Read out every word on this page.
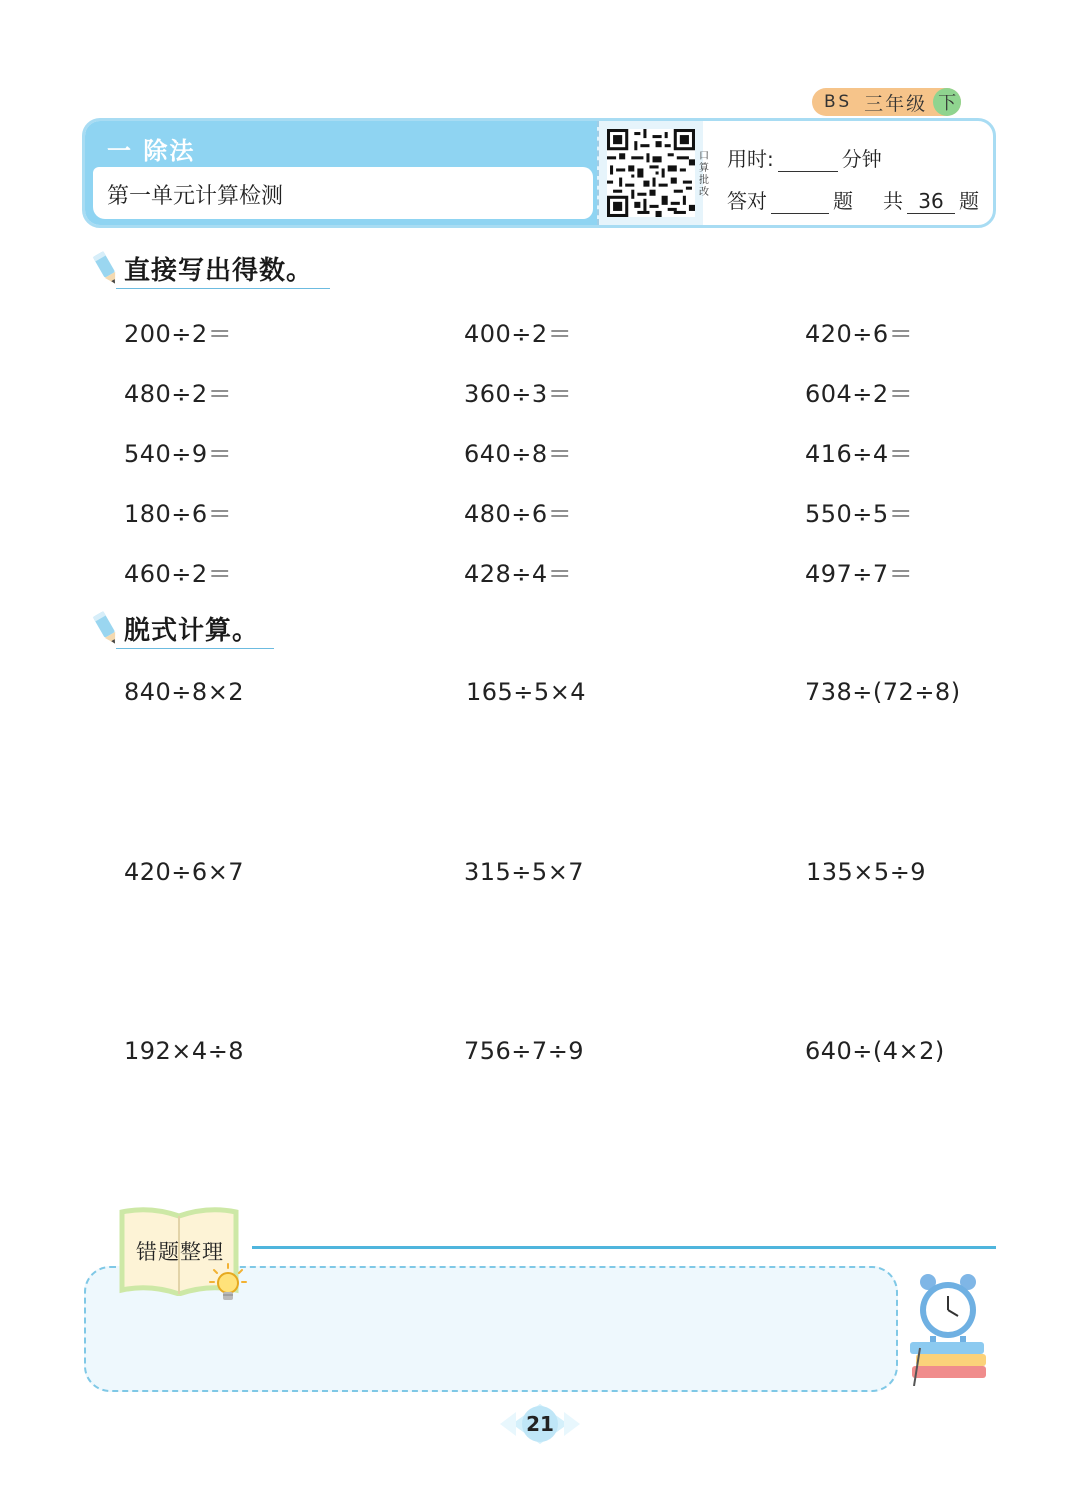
BS 三年级 下
一 除法
第一单元计算检测
口算批改
用时:	分钟
答对	题 共 36 题
直接写出得数。
200÷2＝	400÷2＝	420÷6＝
480÷2＝	360÷3＝	604÷2＝
540÷9＝	640÷8＝	416÷4＝
180÷6＝	480÷6＝	550÷5＝
460÷2＝	428÷4＝	497÷7＝
脱式计算。
840÷8×2	165÷5×4	738÷(72÷8)
420÷6×7	315÷5×7	135×5÷9
192×4÷8	756÷7÷9	640÷(4×2)
错题整理
21
